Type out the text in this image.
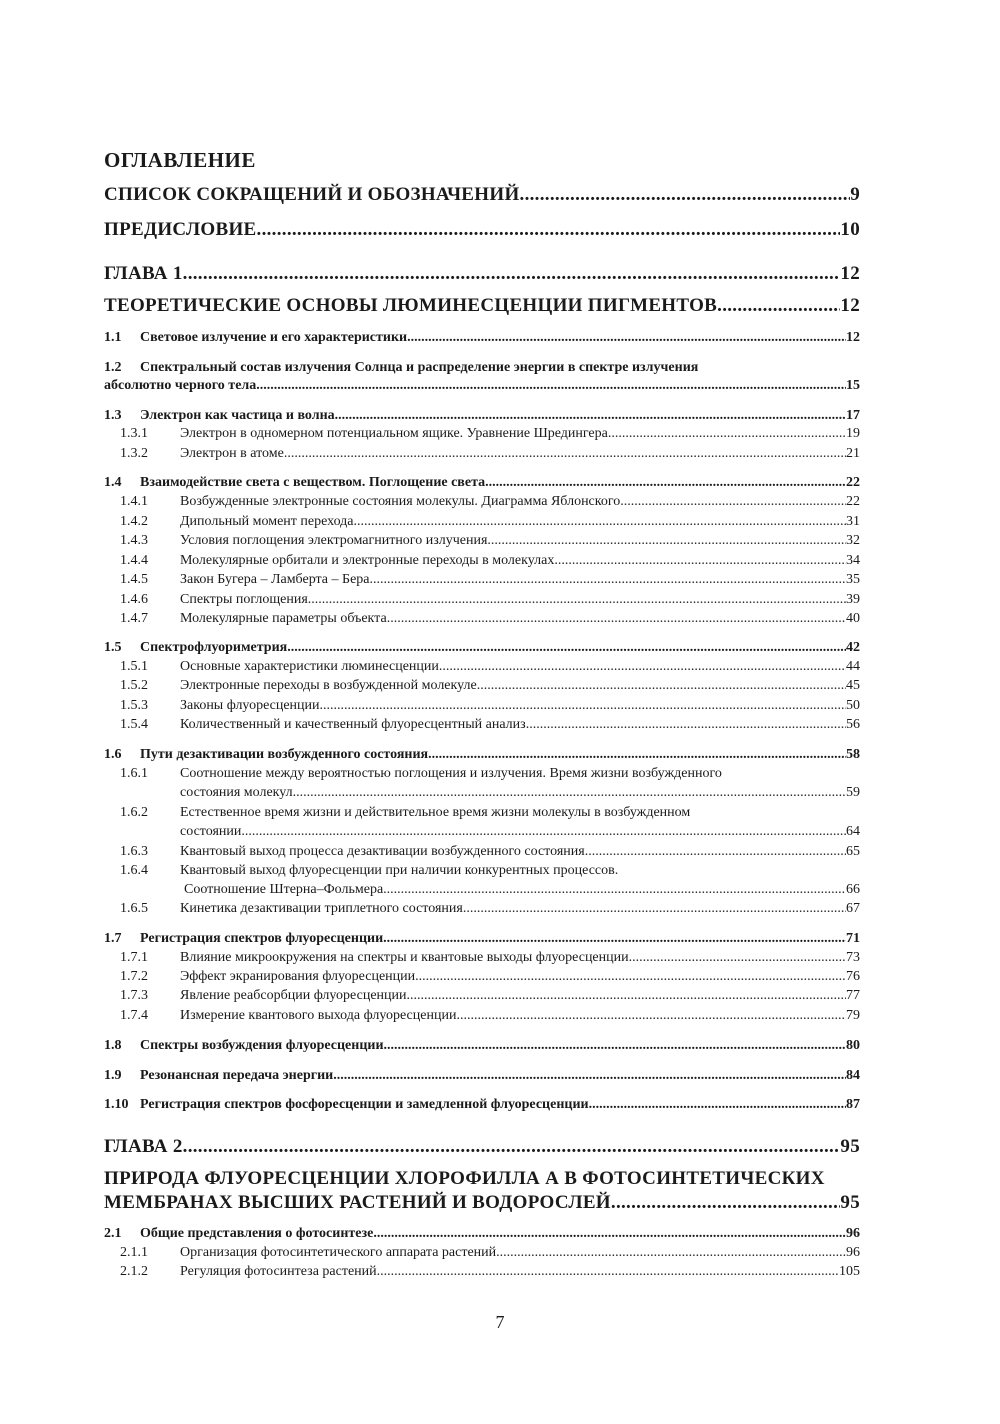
ОГЛАВЛЕНИЕ
СПИСОК СОКРАЩЕНИЙ И ОБОЗНАЧЕНИЙ .....	9
ПРЕДИСЛОВИЕ .....	10
ГЛАВА 1 .....	12
ТЕОРЕТИЧЕСКИЕ ОСНОВЫ ЛЮМИНЕСЦЕНЦИИ ПИГМЕНТОВ .....	12
1.1 Световое излучение и его характеристики .....	12
1.2 Спектральный состав излучения Солнца и распределение энергии в спектре излучения
абсолютно черного тела .....	15
1.3 Электрон как частица и волна .....	17
1.3.1 Электрон в одномерном потенциальном ящике. Уравнение Шредингера .....	19
1.3.2 Электрон в атоме .....	21
1.4 Взаимодействие света с веществом. Поглощение света .....	22
1.4.1 Возбужденные электронные состояния молекулы. Диаграмма Яблонского .....	22
1.4.2 Дипольный момент перехода .....	31
1.4.3 Условия поглощения электромагнитного излучения .....	32
1.4.4 Молекулярные орбитали и электронные переходы в молекулах .....	34
1.4.5 Закон Бугера – Ламберта – Бера .....	35
1.4.6 Спектры поглощения .....	39
1.4.7 Молекулярные параметры объекта .....	40
1.5 Спектрофлуориметрия .....	42
1.5.1 Основные характеристики люминесценции .....	44
1.5.2 Электронные переходы в возбужденной молекуле .....	45
1.5.3 Законы флуоресценции .....	50
1.5.4 Количественный и качественный флуоресцентный анализ .....	56
1.6 Пути дезактивации возбужденного состояния .....	58
1.6.1 Соотношение между вероятностью поглощения и излучения. Время жизни возбужденного
состояния молекул .....	59
1.6.2 Естественное время жизни и действительное время жизни молекулы в возбужденном
состоянии .....	64
1.6.3 Квантовый выход процесса дезактивации возбужденного состояния .....	65
1.6.4 Квантовый выход флуоресценции при наличии конкурентных процессов.
Соотношение Штерна–Фольмера .....	66
1.6.5 Кинетика дезактивации триплетного состояния .....	67
1.7 Регистрация спектров флуоресценции. .....	71
1.7.1 Влияние микроокружения на спектры и квантовые выходы флуоресценции .....	73
1.7.2 Эффект экранирования флуоресценции .....	76
1.7.3 Явление реабсорбции флуоресценции .....	77
1.7.4 Измерение квантового выхода флуоресценции .....	79
1.8 Спектры возбуждения флуоресценции .....	80
1.9 Резонансная передача энергии .....	84
1.10 Регистрация спектров фосфоресценции и замедленной флуоресценции .....	87
ГЛАВА 2 .....	95
ПРИРОДА ФЛУОРЕСЦЕНЦИИ ХЛОРОФИЛЛА А В ФОТОСИНТЕТИЧЕСКИХ
МЕМБРАНАХ ВЫСШИХ РАСТЕНИЙ И ВОДОРОСЛЕЙ .....	95
2.1 Общие представления о фотосинтезе .....	96
2.1.1 Организация фотосинтетического аппарата растений .....	96
2.1.2 Регуляция фотосинтеза растений .....	105
7
